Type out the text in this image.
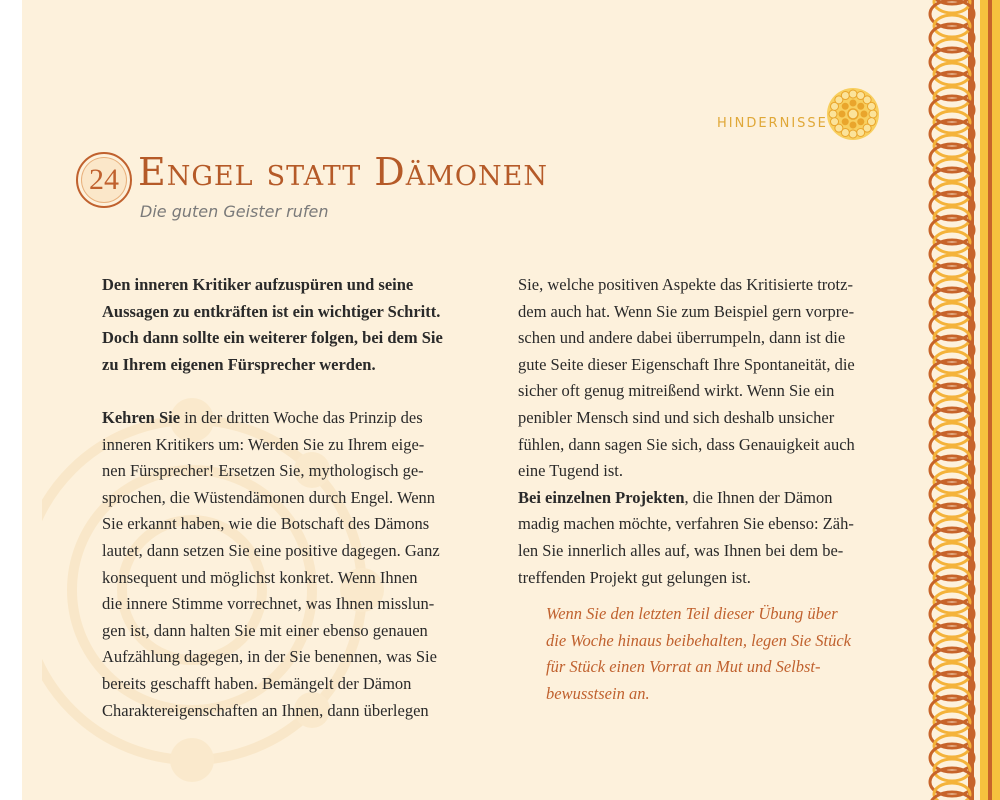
HINDERNISSE
24 Engel statt Dämonen
Die guten Geister rufen

Den inneren Kritiker aufzuspüren und seine
Aussagen zu entkräften ist ein wichtiger Schritt.
Doch dann sollte ein weiterer folgen, bei dem Sie
zu Ihrem eigenen Fürsprecher werden.

Kehren Sie in der dritten Woche das Prinzip des
inneren Kritikers um: Werden Sie zu Ihrem eige-
nen Fürsprecher! Ersetzen Sie, mythologisch ge-
sprochen, die Wüstendämonen durch Engel. Wenn
Sie erkannt haben, wie die Botschaft des Dämons
lautet, dann setzen Sie eine positive dagegen. Ganz
konsequent und möglichst konkret. Wenn Ihnen
die innere Stimme vorrechnet, was Ihnen misslun-
gen ist, dann halten Sie mit einer ebenso genauen
Aufzählung dagegen, in der Sie benennen, was Sie
bereits geschafft haben. Bemängelt der Dämon
Charaktereigenschaften an Ihnen, dann überlegen

Sie, welche positiven Aspekte das Kritisierte trotz-
dem auch hat. Wenn Sie zum Beispiel gern vorpre-
schen und andere dabei überrumpeln, dann ist die
gute Seite dieser Eigenschaft Ihre Spontaneität, die
sicher oft genug mitreißend wirkt. Wenn Sie ein
penibler Mensch sind und sich deshalb unsicher
fühlen, dann sagen Sie sich, dass Genauigkeit auch
eine Tugend ist.

Bei einzelnen Projekten, die Ihnen der Dämon
madig machen möchte, verfahren Sie ebenso: Zäh-
len Sie innerlich alles auf, was Ihnen bei dem be-
treffenden Projekt gut gelungen ist.

Wenn Sie den letzten Teil dieser Übung über
die Woche hinaus beibehalten, legen Sie Stück
für Stück einen Vorrat an Mut und Selbst-
bewusstsein an.
